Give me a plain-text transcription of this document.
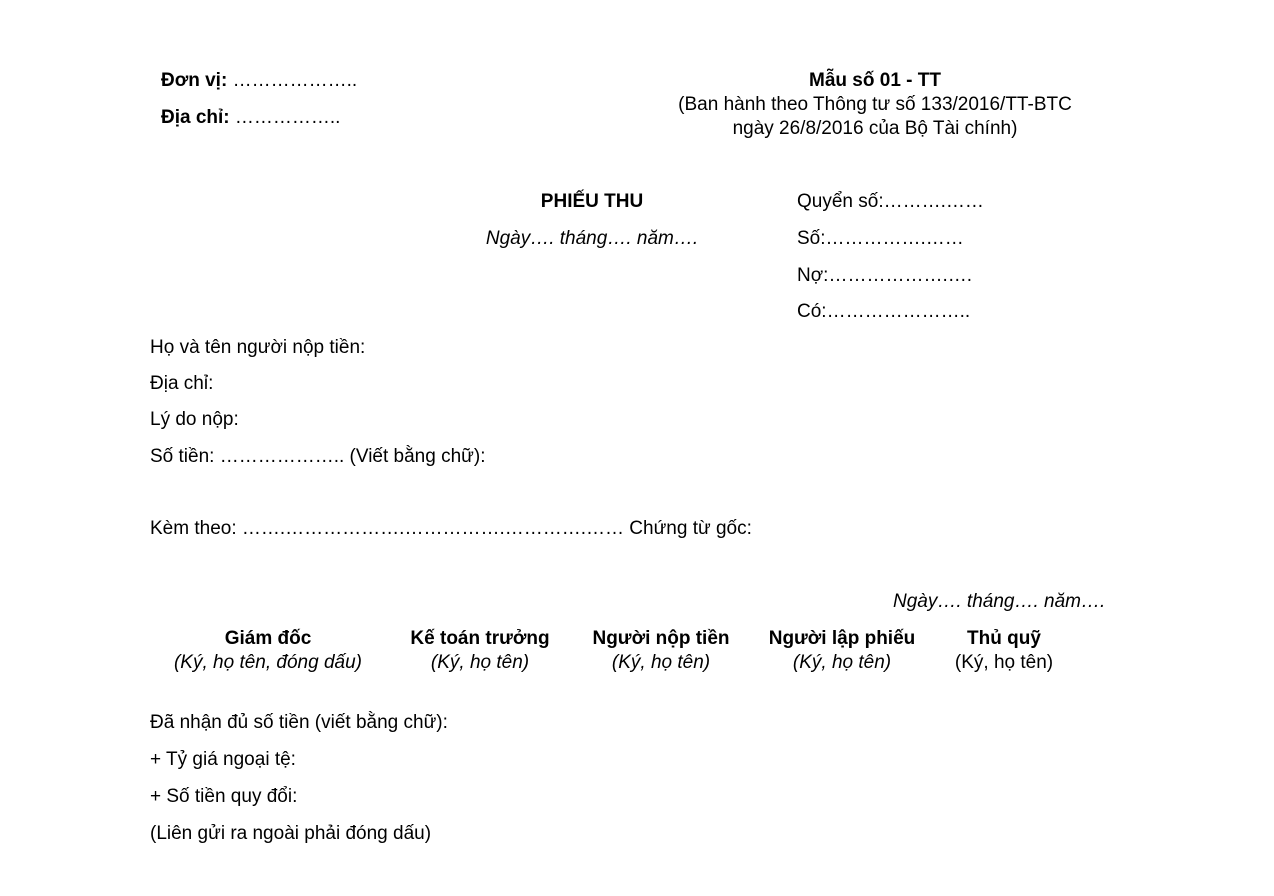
Đơn vị: ………………..
Địa chỉ: ……………..
Mẫu số 01 - TT
(Ban hành theo Thông tư số 133/2016/TT-BTC
ngày 26/8/2016 của Bộ Tài chính)
PHIẾU THU
Ngày…. tháng…. năm….
Quyển số:……….……
Số:…………….……
Nợ:……………….….
Có:…………………..
Họ và tên người nộp tiền:
Địa chỉ:
Lý do nộp:
Số tiền: ……………….. (Viết bằng chữ):
Kèm theo: …….……………….…………….………….…… Chứng từ gốc:
Ngày…. tháng…. năm….
Giám đốc
(Ký, họ tên, đóng dấu)
Kế toán trưởng
(Ký, họ tên)
Người nộp tiền
(Ký, họ tên)
Người lập phiếu
(Ký, họ tên)
Thủ quỹ
(Ký, họ tên)
Đã nhận đủ số tiền (viết bằng chữ):
+ Tỷ giá ngoại tệ:
+ Số tiền quy đổi:
(Liên gửi ra ngoài phải đóng dấu)
